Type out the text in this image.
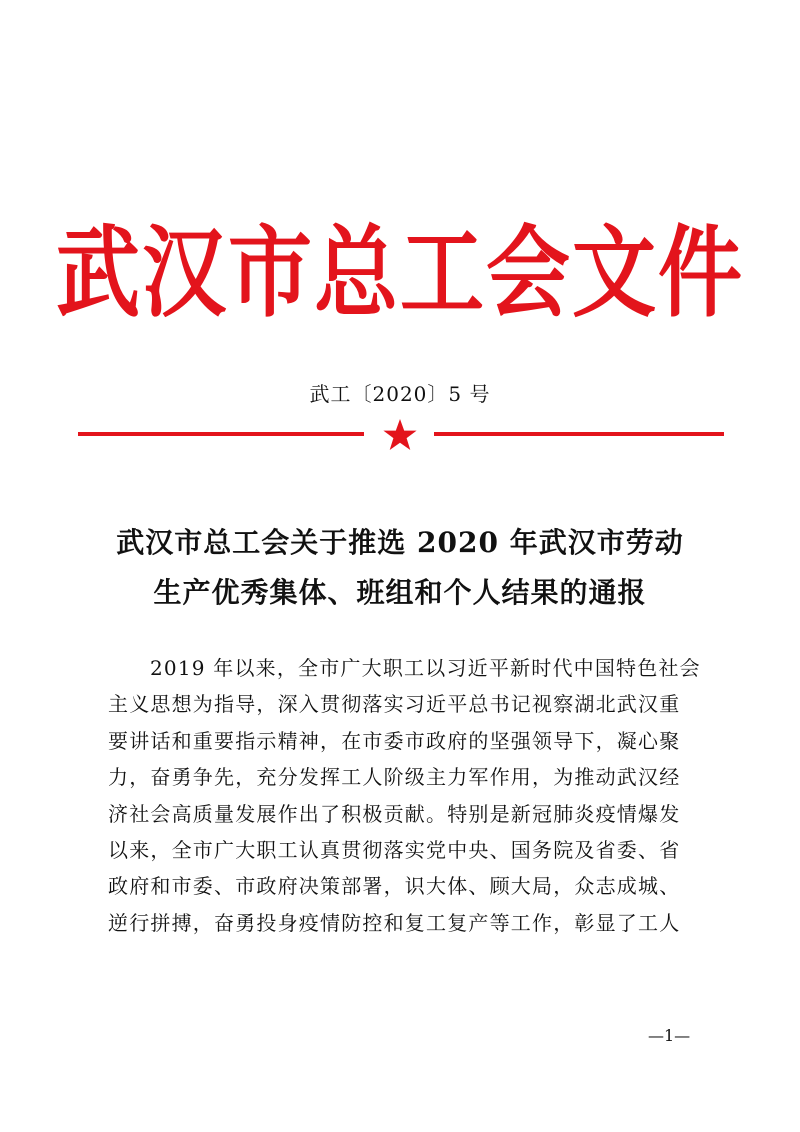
武汉市总工会文件
武工〔2020〕5 号
武汉市总工会关于推选 2020 年武汉市劳动
生产优秀集体、班组和个人结果的通报
2019 年以来，全市广大职工以习近平新时代中国特色社会
主义思想为指导，深入贯彻落实习近平总书记视察湖北武汉重
要讲话和重要指示精神，在市委市政府的坚强领导下，凝心聚
力，奋勇争先，充分发挥工人阶级主力军作用，为推动武汉经
济社会高质量发展作出了积极贡献。特别是新冠肺炎疫情爆发
以来，全市广大职工认真贯彻落实党中央、国务院及省委、省
政府和市委、市政府决策部署，识大体、顾大局，众志成城、
逆行拼搏，奋勇投身疫情防控和复工复产等工作，彰显了工人
—1—
